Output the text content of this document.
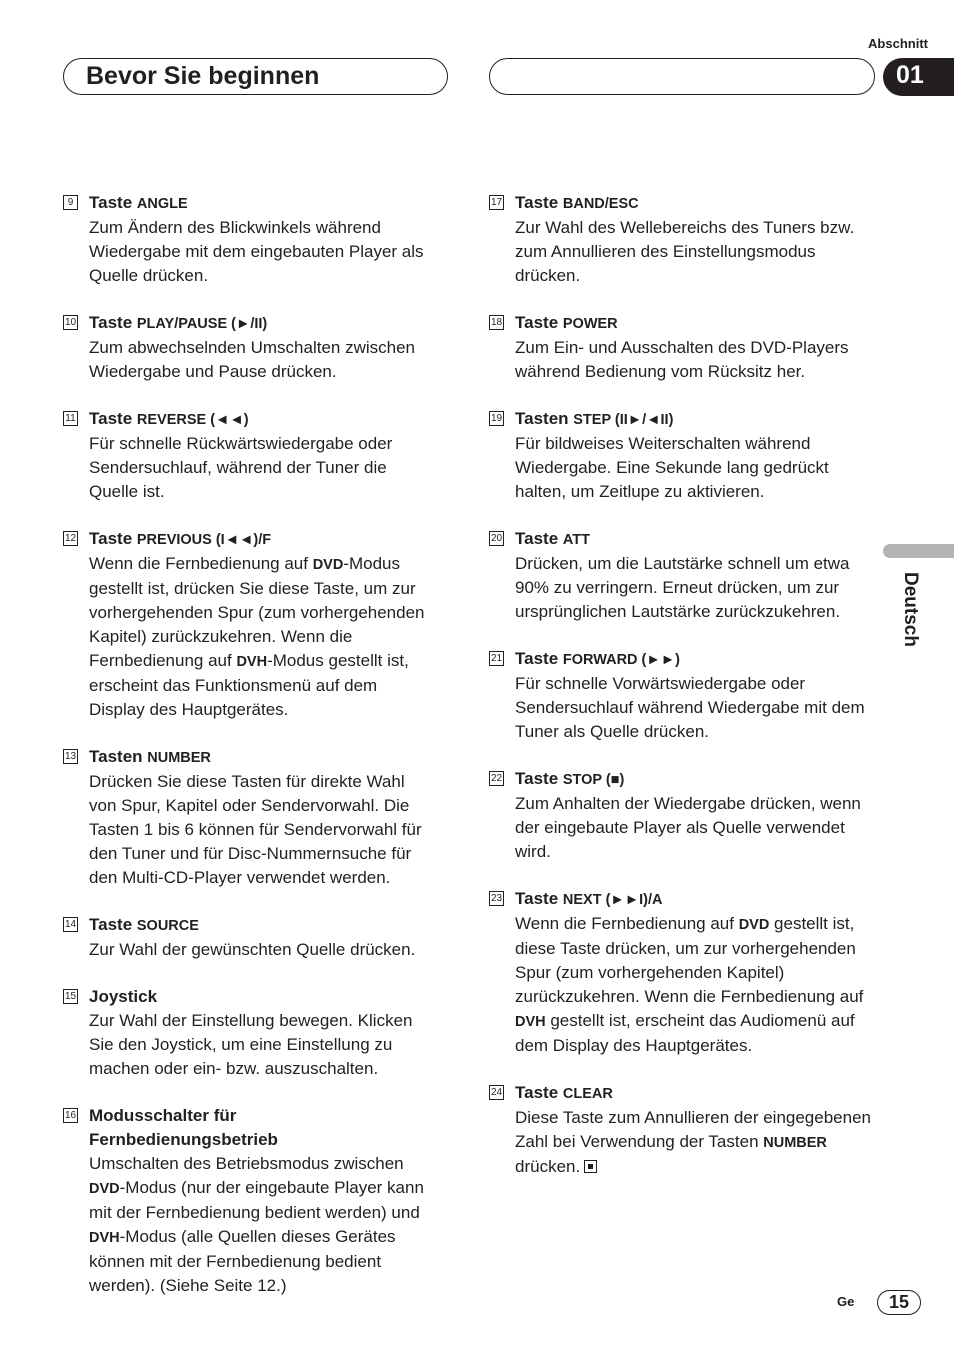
Abschnitt
Bevor Sie beginnen	01
Deutsch
9 Taste ANGLE
Zum Ändern des Blickwinkels während Wiedergabe mit dem eingebauten Player als Quelle drücken.
10 Taste PLAY/PAUSE (►/II)
Zum abwechselnden Umschalten zwischen Wiedergabe und Pause drücken.
11 Taste REVERSE (◄◄)
Für schnelle Rückwärtswiedergabe oder Sendersuchlauf, während der Tuner die Quelle ist.
12 Taste PREVIOUS (I◄◄)/F
Wenn die Fernbedienung auf DVD-Modus gestellt ist, drücken Sie diese Taste, um zur vorhergehenden Spur (zum vorhergehenden Kapitel) zurückzukehren. Wenn die Fernbedienung auf DVH-Modus gestellt ist, erscheint das Funktionsmenü auf dem Display des Hauptgerätes.
13 Tasten NUMBER
Drücken Sie diese Tasten für direkte Wahl von Spur, Kapitel oder Sendervorwahl. Die Tasten 1 bis 6 können für Sendervorwahl für den Tuner und für Disc-Nummernsuche für den Multi-CD-Player verwendet werden.
14 Taste SOURCE
Zur Wahl der gewünschten Quelle drücken.
15 Joystick
Zur Wahl der Einstellung bewegen. Klicken Sie den Joystick, um eine Einstellung zu machen oder ein- bzw. auszuschalten.
16 Modusschalter für Fernbedienungsbetrieb
Umschalten des Betriebsmodus zwischen DVD-Modus (nur der eingebaute Player kann mit der Fernbedienung bedient werden) und DVH-Modus (alle Quellen dieses Gerätes können mit der Fernbedienung bedient werden). (Siehe Seite 12.)
17 Taste BAND/ESC
Zur Wahl des Wellebereichs des Tuners bzw. zum Annullieren des Einstellungsmodus drücken.
18 Taste POWER
Zum Ein- und Ausschalten des DVD-Players während Bedienung vom Rücksitz her.
19 Tasten STEP (II►/◄II)
Für bildweises Weiterschalten während Wiedergabe. Eine Sekunde lang gedrückt halten, um Zeitlupe zu aktivieren.
20 Taste ATT
Drücken, um die Lautstärke schnell um etwa 90% zu verringern. Erneut drücken, um zur ursprünglichen Lautstärke zurückzukehren.
21 Taste FORWARD (►►)
Für schnelle Vorwärtswiedergabe oder Sendersuchlauf während Wiedergabe mit dem Tuner als Quelle drücken.
22 Taste STOP (■)
Zum Anhalten der Wiedergabe drücken, wenn der eingebaute Player als Quelle verwendet wird.
23 Taste NEXT (►►I)/A
Wenn die Fernbedienung auf DVD gestellt ist, diese Taste drücken, um zur vorhergehenden Spur (zum vorhergehenden Kapitel) zurückzukehren. Wenn die Fernbedienung auf DVH gestellt ist, erscheint das Audiomenü auf dem Display des Hauptgerätes.
24 Taste CLEAR
Diese Taste zum Annullieren der eingegebenen Zahl bei Verwendung der Tasten NUMBER drücken.
Ge	15
